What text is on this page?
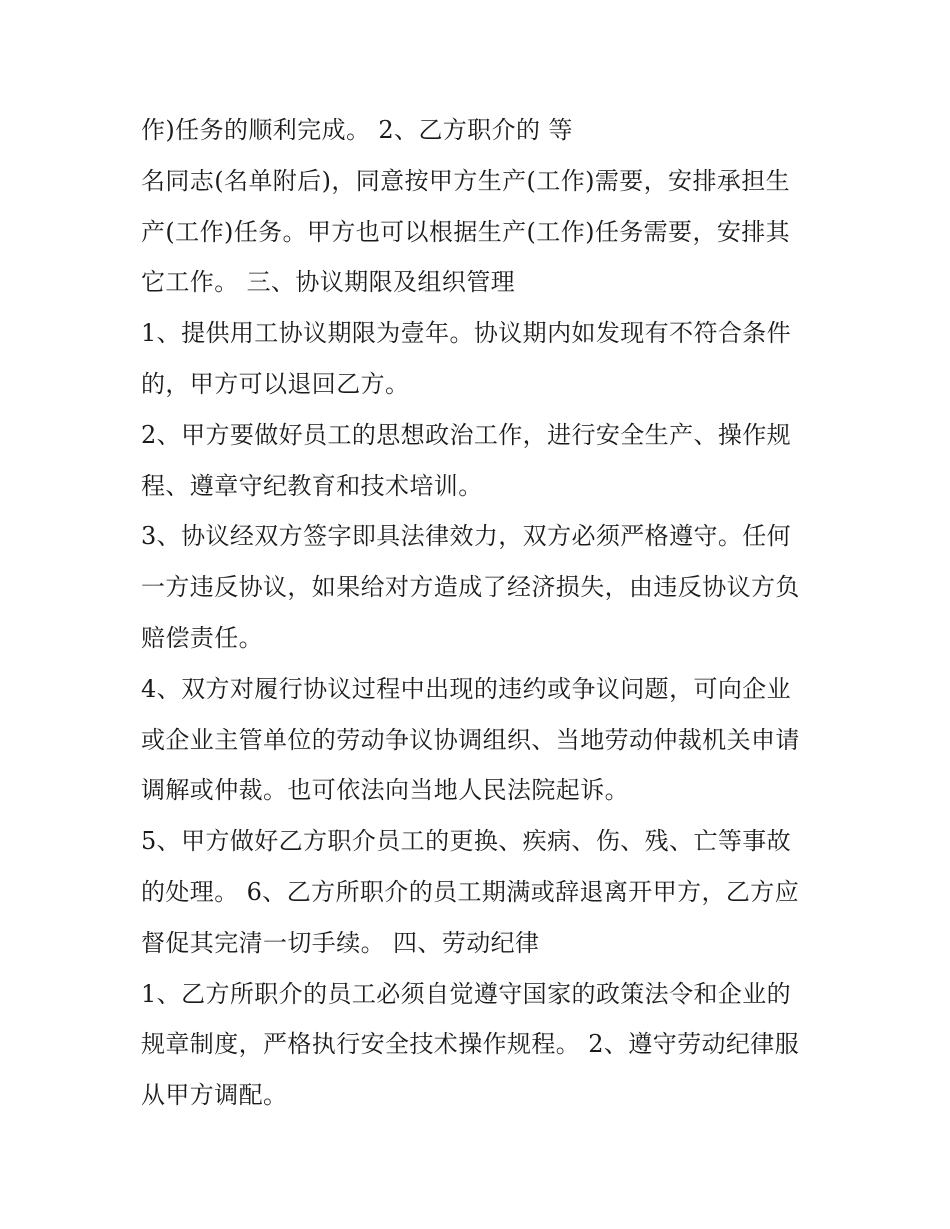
作)任务的顺利完成。 2、乙方职介的 等
名同志(名单附后)，同意按甲方生产(工作)需要，安排承担生
产(工作)任务。甲方也可以根据生产(工作)任务需要，安排其
它工作。 三、协议期限及组织管理
1、提供用工协议期限为壹年。协议期内如发现有不符合条件
的，甲方可以退回乙方。
2、甲方要做好员工的思想政治工作，进行安全生产、操作规
程、遵章守纪教育和技术培训。
3、协议经双方签字即具法律效力，双方必须严格遵守。任何
一方违反协议，如果给对方造成了经济损失，由违反协议方负
赔偿责任。
4、双方对履行协议过程中出现的违约或争议问题，可向企业
或企业主管单位的劳动争议协调组织、当地劳动仲裁机关申请
调解或仲裁。也可依法向当地人民法院起诉。
5、甲方做好乙方职介员工的更换、疾病、伤、残、亡等事故
的处理。 6、乙方所职介的员工期满或辞退离开甲方，乙方应
督促其完清一切手续。 四、劳动纪律
1、乙方所职介的员工必须自觉遵守国家的政策法令和企业的
规章制度，严格执行安全技术操作规程。 2、遵守劳动纪律服
从甲方调配。
